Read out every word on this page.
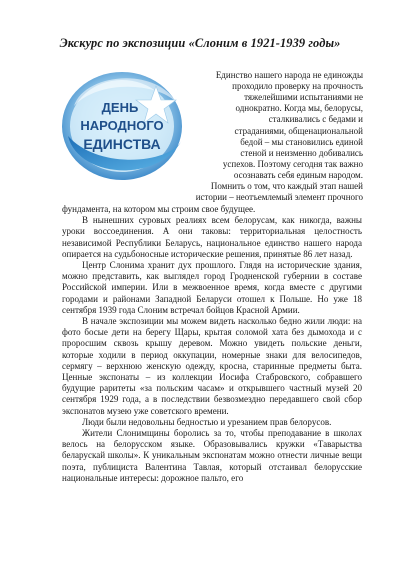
Экскурс по экспозиции «Слоним в 1921-1939 годы»
ДЕНЬ
НАРОДНОГО
ЕДИНСТВА
Единство нашего народа не единожды
проходило проверку на прочность
тяжелейшими испытаниями не
однократно. Когда мы, белорусы,
сталкивались с бедами и
страданиями, общенациональной
бедой – мы становились единой
стеной и неизменно добивались
успехов. Поэтому сегодня так важно
осознавать себя единым народом.
Помнить о том, что каждый этап нашей
истории – неотъемлемый элемент прочного

фундамента, на котором мы строим свое будущее.

В нынешних суровых реалиях всем белорусам, как никогда, важны уроки воссоединения. А они таковы: территориальная целостность независимой Республики Беларусь, национальное единство нашего народа опирается на судьбоносные исторические решения, принятые 86 лет назад.

Центр Слонима хранит дух прошлого. Глядя на исторические здания, можно представить, как выглядел город Гродненской губернии в составе Российской империи. Или в межвоенное время, когда вместе с другими городами и районами Западной Беларуси отошел к Польше. Но уже 18 сентября 1939 года Слоним встречал бойцов Красной Армии.

В начале экспозиции мы можем видеть насколько бедно жили люди: на фото босые дети на берегу Щары, крытая соломой хата без дымохода и с проросшим сквозь крышу деревом. Можно увидеть польские деньги, которые ходили в период оккупации, номерные знаки для велосипедов, сермягу – верхнюю женскую одежду, кросна, старинные предметы быта. Ценные экспонаты – из коллекции Иосифа Стабровского, собравшего будущие раритеты «за польским часам» и открывшего частный музей 20 сентября 1929 года, а в последствии безвозмездно передавшего свой сбор экспонатов музею уже советского времени.

Люди были недовольны бедностью и урезанием прав белорусов.

Жители Слонимщины боролись за то, чтобы преподавание в школах велось на белорусском языке. Образовывались кружки «Таварыства беларускай школы». К уникальным экспонатам можно отнести личные вещи поэта, публициста Валентина Тавлая, который отстаивал белорусские национальные интересы: дорожное пальто, его
